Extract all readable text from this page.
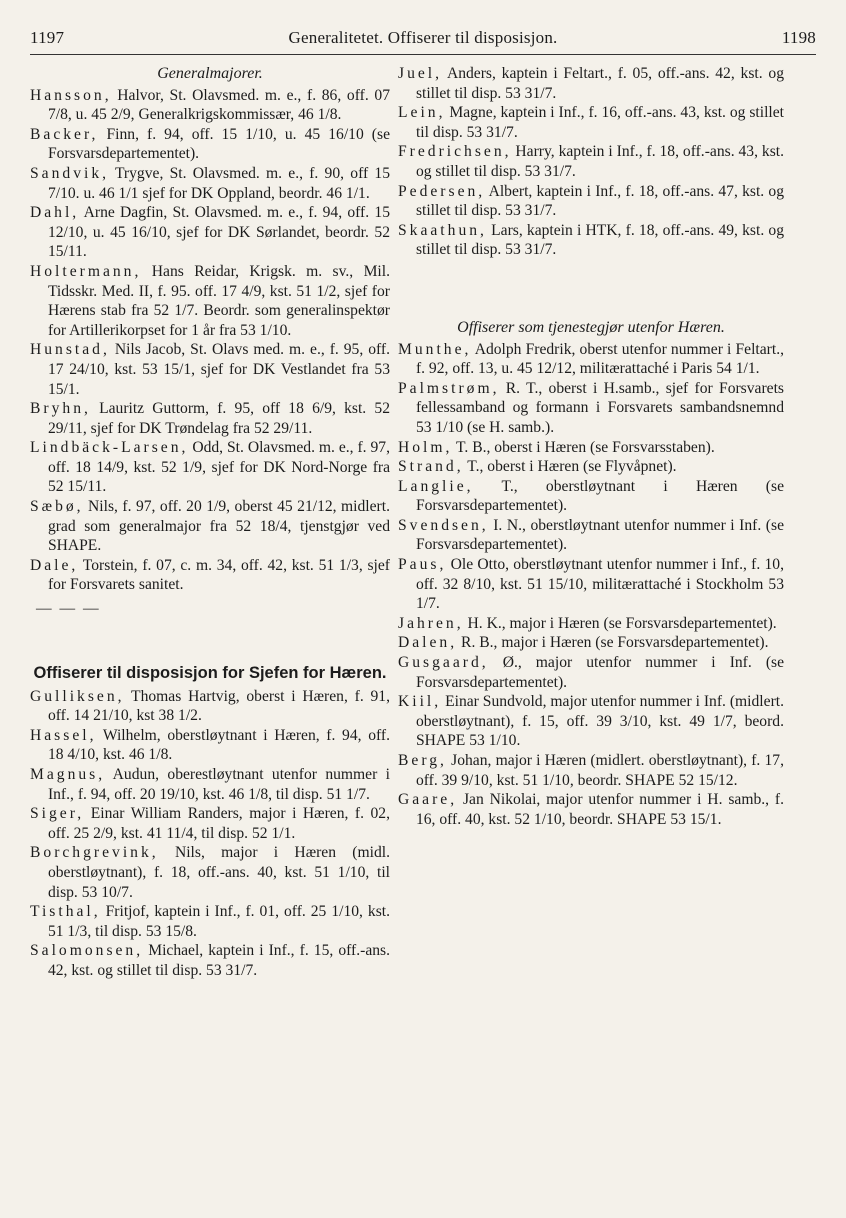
1197	Generalitetet. Offiserer til disposisjon.	1198

Generalmajorer.

Hansson, Halvor, St. Olavsmed. m. e., f. 86, off. 07 7/8, u. 45 2/9, Generalkrigskommissær, 46 1/8.

Backer, Finn, f. 94, off. 15 1/10, u. 45 16/10 (se Forsvarsdepartementet).

Sandvik, Trygve, St. Olavsmed. m. e., f. 90, off 15 7/10. u. 46 1/1 sjef for DK Oppland, beordr. 46 1/1.

Dahl, Arne Dagfin, St. Olavsmed. m. e., f. 94, off. 15 12/10, u. 45 16/10, sjef for DK Sørlandet, beordr. 52 15/11.

Holtermann, Hans Reidar, Krigsk. m. sv., Mil. Tidsskr. Med. II, f. 95. off. 17 4/9, kst. 51 1/2, sjef for Hærens stab fra 52 1/7. Beordr. som generalinspektør for Artillerikorpset for 1 år fra 53 1/10.

Hunstad, Nils Jacob, St. Olavs med. m. e., f. 95, off. 17 24/10, kst. 53 15/1, sjef for DK Vestlandet fra 53 15/1.

Bryhn, Lauritz Guttorm, f. 95, off 18 6/9, kst. 52 29/11, sjef for DK Trøndelag fra 52 29/11.

Lindbäck-Larsen, Odd, St. Olavsmed. m. e., f. 97, off. 18 14/9, kst. 52 1/9, sjef for DK Nord-Norge fra 52 15/11.

Sæbø, Nils, f. 97, off. 20 1/9, oberst 45 21/12, midlert. grad som generalmajor fra 52 18/4, tjenstgjør ved SHAPE.

Dale, Torstein, f. 07, c. m. 34, off. 42, kst. 51 1/3, sjef for Forsvarets sanitet.

— — —

Offiserer til disposisjon for Sjefen for Hæren.

Gulliksen, Thomas Hartvig, oberst i Hæren, f. 91, off. 14 21/10, kst 38 1/2.

Hassel, Wilhelm, oberstløytnant i Hæren, f. 94, off. 18 4/10, kst. 46 1/8.

Magnus, Audun, oberestløytnant utenfor nummer i Inf., f. 94, off. 20 19/10, kst. 46 1/8, til disp. 51 1/7.

Siger, Einar William Randers, major i Hæren, f. 02, off. 25 2/9, kst. 41 11/4, til disp. 52 1/1.

Borchgrevink, Nils, major i Hæren (midl. oberstløytnant), f. 18, off.-ans. 40, kst. 51 1/10, til disp. 53 10/7.

Tisthal, Fritjof, kaptein i Inf., f. 01, off. 25 1/10, kst. 51 1/3, til disp. 53 15/8.

Salomonsen, Michael, kaptein i Inf., f. 15, off.-ans. 42, kst. og stillet til disp. 53 31/7.

Juel, Anders, kaptein i Feltart., f. 05, off.-ans. 42, kst. og stillet til disp. 53 31/7.

Lein, Magne, kaptein i Inf., f. 16, off.-ans. 43, kst. og stillet til disp. 53 31/7.

Fredrichsen, Harry, kaptein i Inf., f. 18, off.-ans. 43, kst. og stillet til disp. 53 31/7.

Pedersen, Albert, kaptein i Inf., f. 18, off.-ans. 47, kst. og stillet til disp. 53 31/7.

Skaathun, Lars, kaptein i HTK, f. 18, off.-ans. 49, kst. og stillet til disp. 53 31/7.

Offiserer som tjenestegjør utenfor Hæren.

Munthe, Adolph Fredrik, oberst utenfor nummer i Feltart., f. 92, off. 13, u. 45 12/12, militærattaché i Paris 54 1/1.

Palmstrøm, R. T., oberst i H.samb., sjef for Forsvarets fellessamband og formann i Forsvarets sambandsnemnd 53 1/10 (se H. samb.).

Holm, T. B., oberst i Hæren (se Forsvarsstaben).

Strand, T., oberst i Hæren (se Flyvåpnet).

Langlie, T., oberstløytnant i Hæren (se Forsvarsdepartementet).

Svendsen, I. N., oberstløytnant utenfor nummer i Inf. (se Forsvarsdepartementet).

Paus, Ole Otto, oberstløytnant utenfor nummer i Inf., f. 10, off. 32 8/10, kst. 51 15/10, militærattaché i Stockholm 53 1/7.

Jahren, H. K., major i Hæren (se Forsvarsdepartementet).

Dalen, R. B., major i Hæren (se Forsvarsdepartementet).

Gusgaard, Ø., major utenfor nummer i Inf. (se Forsvarsdepartementet).

Kiil, Einar Sundvold, major utenfor nummer i Inf. (midlert. oberstløytnant), f. 15, off. 39 3/10, kst. 49 1/7, beord. SHAPE 53 1/10.

Berg, Johan, major i Hæren (midlert. oberstløytnant), f. 17, off. 39 9/10, kst. 51 1/10, beordr. SHAPE 52 15/12.

Gaare, Jan Nikolai, major utenfor nummer i H. samb., f. 16, off. 40, kst. 52 1/10, beordr. SHAPE 53 15/1.
